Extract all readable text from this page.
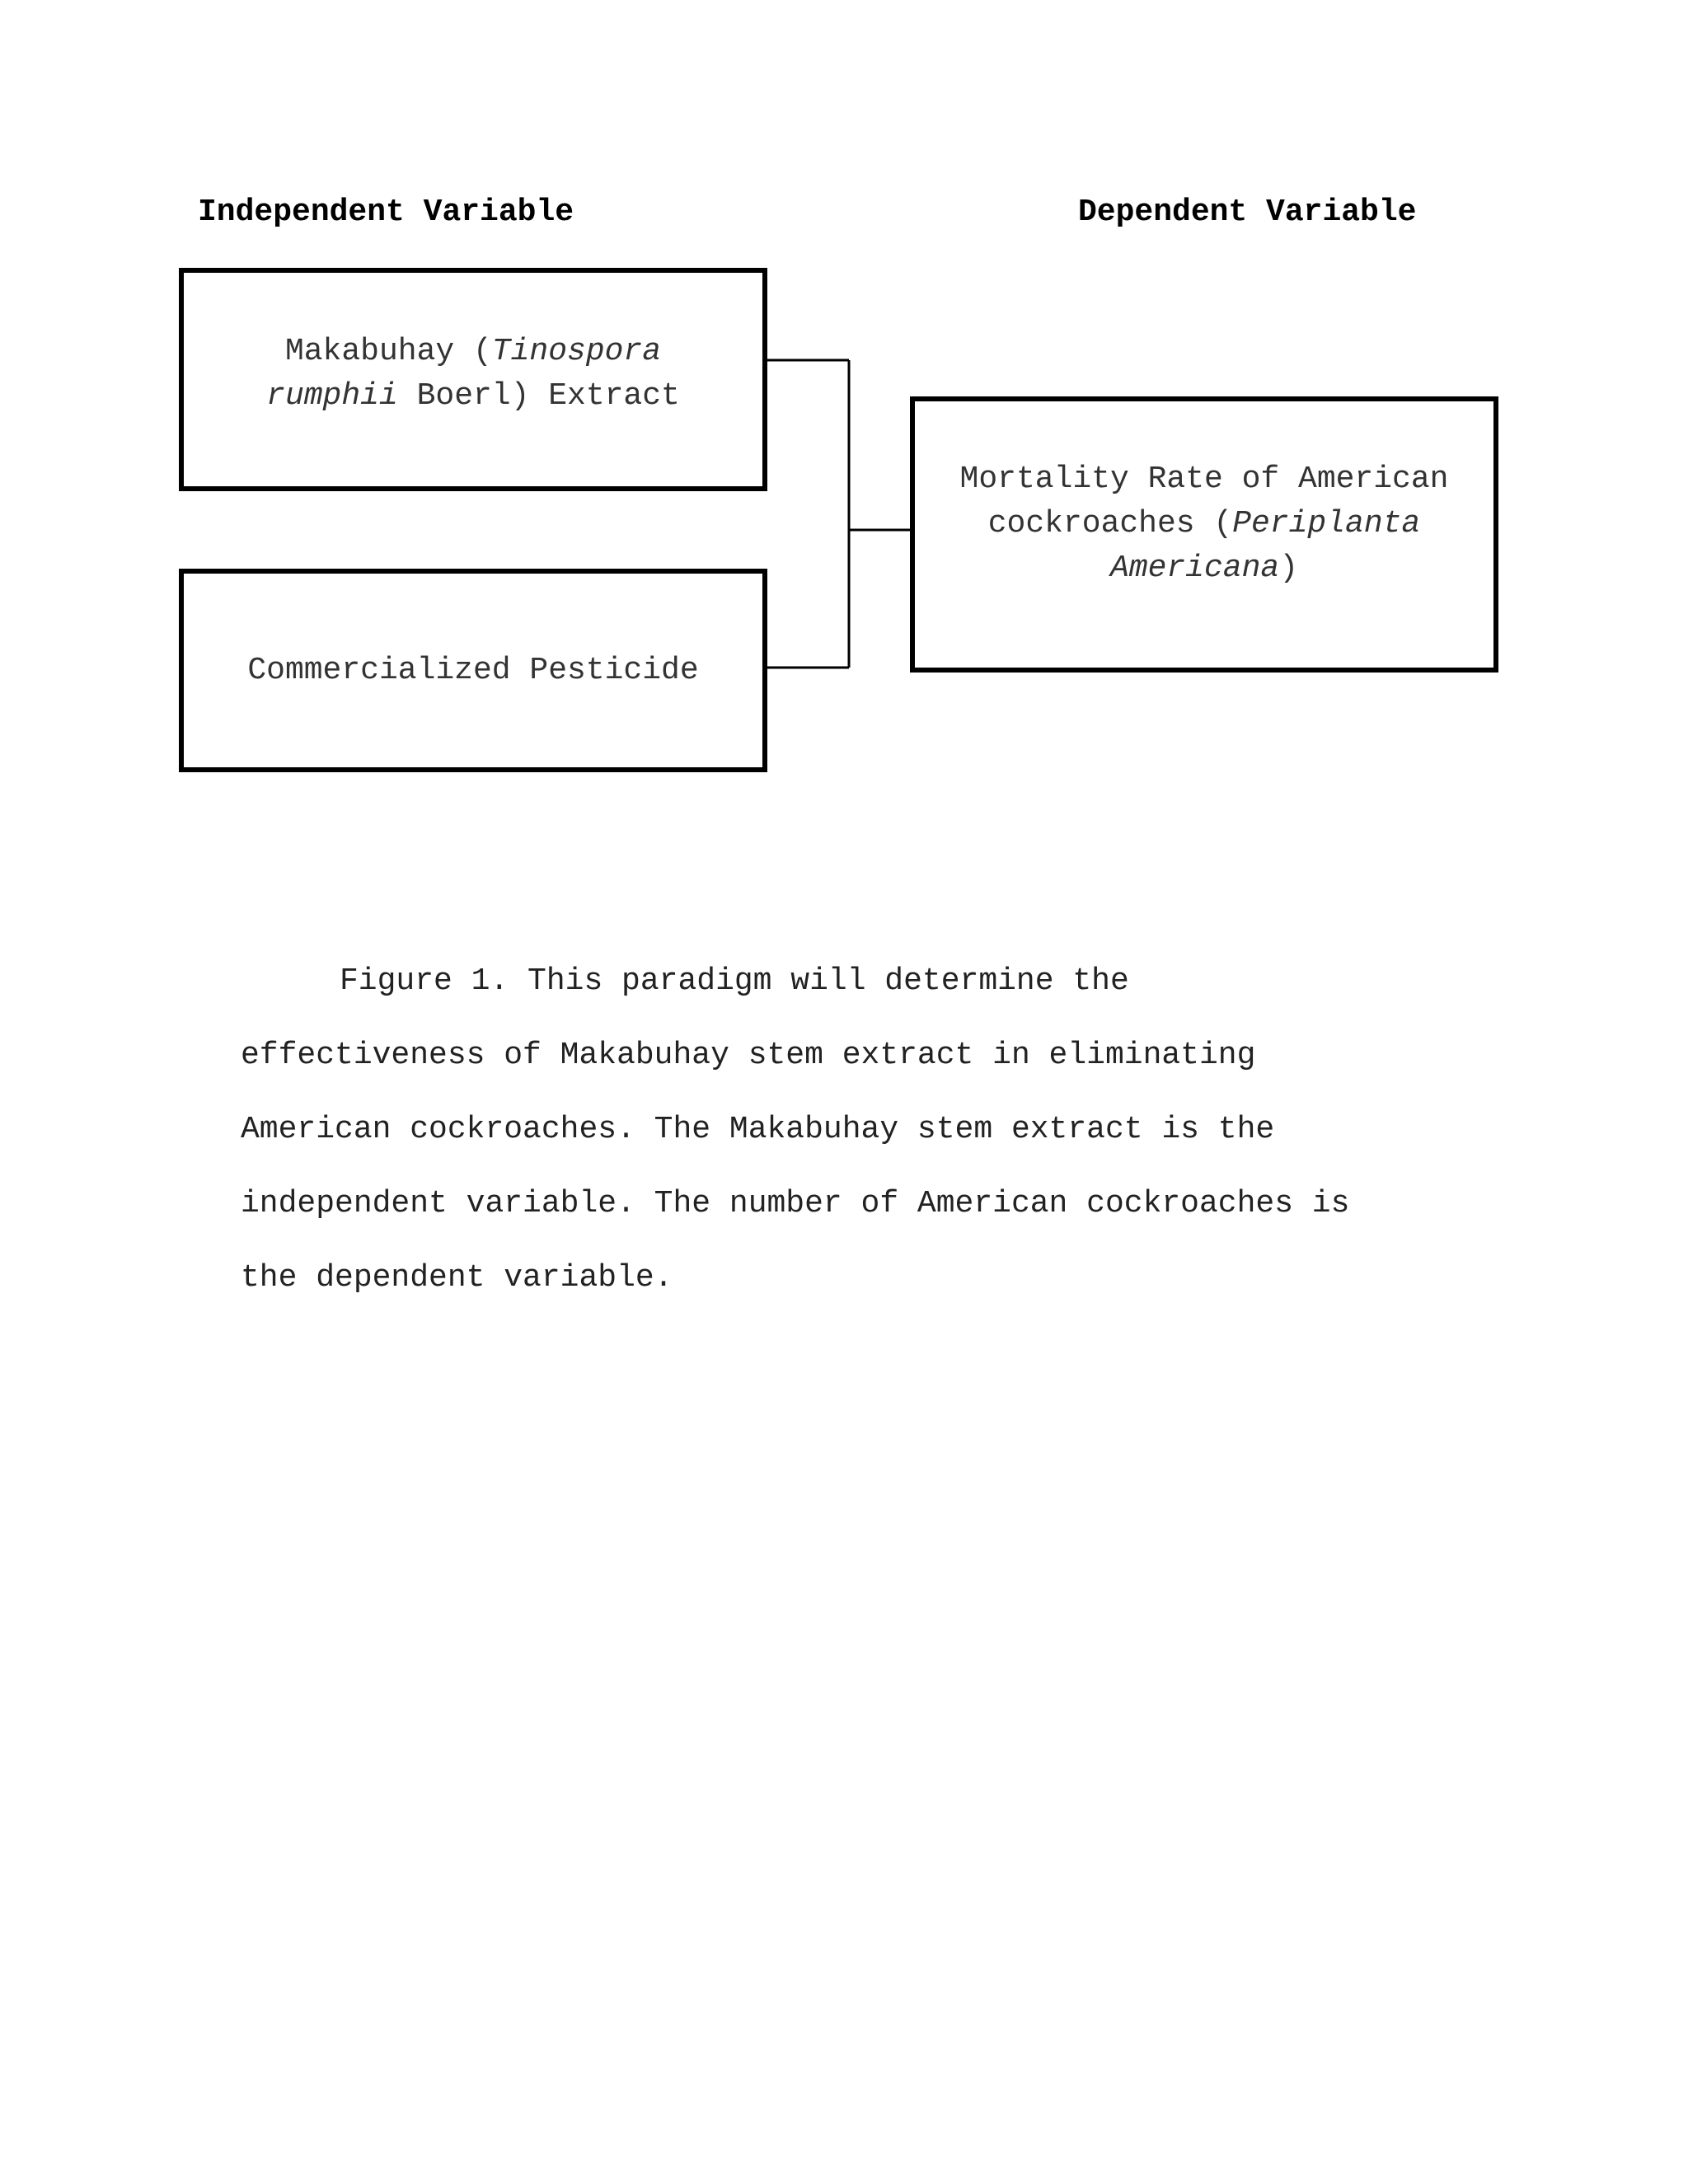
Independent Variable	Dependent Variable
Makabuhay (Tinospora
rumphii Boerl) Extract
Commercialized Pesticide
Mortality Rate of American
cockroaches (Periplanta
Americana)
Figure 1. This paradigm will determine the
effectiveness of Makabuhay stem extract in eliminating
American cockroaches. The Makabuhay stem extract is the
independent variable. The number of American cockroaches is
the dependent variable.
